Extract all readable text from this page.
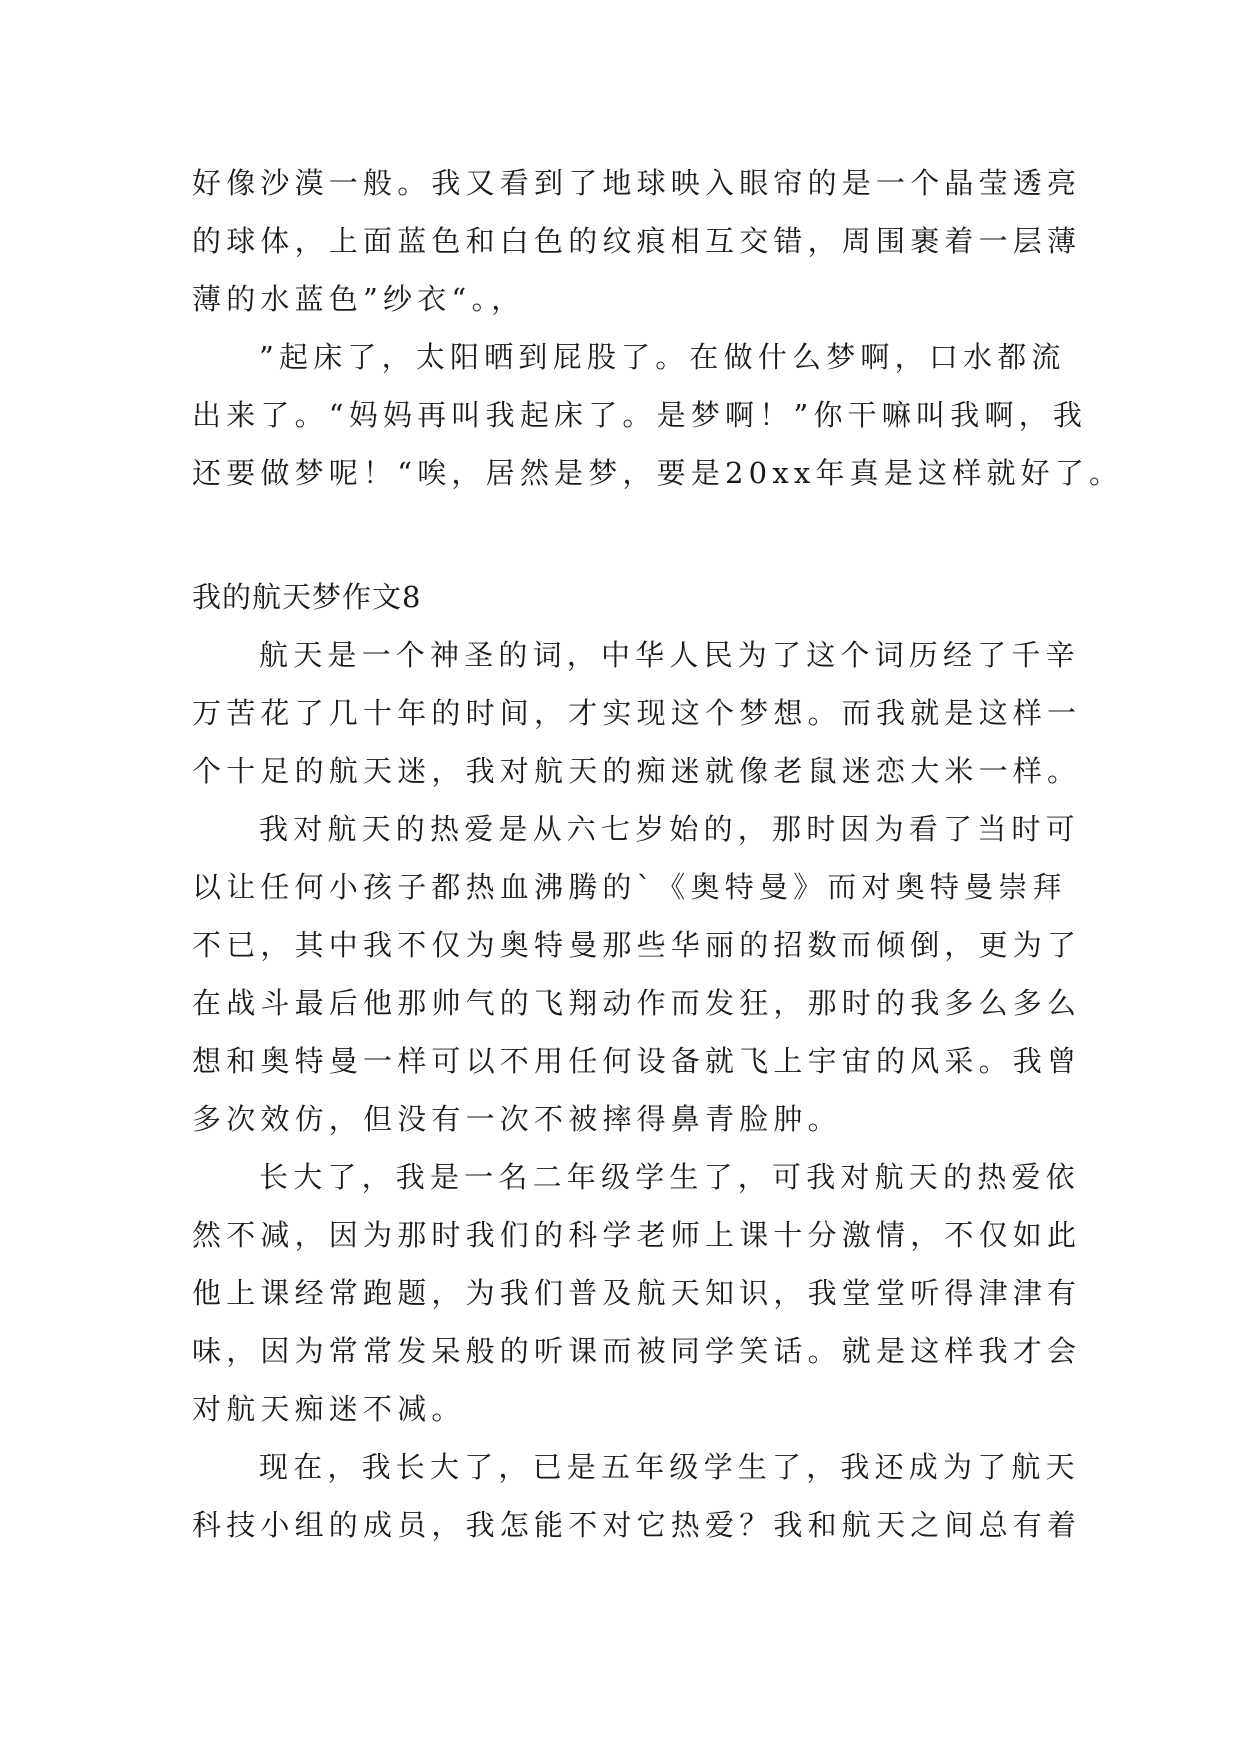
好像沙漠一般。我又看到了地球映入眼帘的是一个晶莹透亮
的球体，上面蓝色和白色的纹痕相互交错，周围裹着一层薄
薄的水蓝色”纱衣“。，
”起床了，太阳晒到屁股了。在做什么梦啊，口水都流
出来了。“妈妈再叫我起床了。是梦啊！”你干嘛叫我啊，我
还要做梦呢！“唉，居然是梦，要是20xx年真是这样就好了。
我的航天梦作文8
航天是一个神圣的词，中华人民为了这个词历经了千辛
万苦花了几十年的时间，才实现这个梦想。而我就是这样一
个十足的航天迷，我对航天的痴迷就像老鼠迷恋大米一样。
我对航天的热爱是从六七岁始的，那时因为看了当时可
以让任何小孩子都热血沸腾的`《奥特曼》而对奥特曼崇拜
不已，其中我不仅为奥特曼那些华丽的招数而倾倒，更为了
在战斗最后他那帅气的飞翔动作而发狂，那时的我多么多么
想和奥特曼一样可以不用任何设备就飞上宇宙的风采。我曾
多次效仿，但没有一次不被摔得鼻青脸肿。
长大了，我是一名二年级学生了，可我对航天的热爱依
然不减，因为那时我们的科学老师上课十分激情，不仅如此
他上课经常跑题，为我们普及航天知识，我堂堂听得津津有
味，因为常常发呆般的听课而被同学笑话。就是这样我才会
对航天痴迷不减。
现在，我长大了，已是五年级学生了，我还成为了航天
科技小组的成员，我怎能不对它热爱？我和航天之间总有着
